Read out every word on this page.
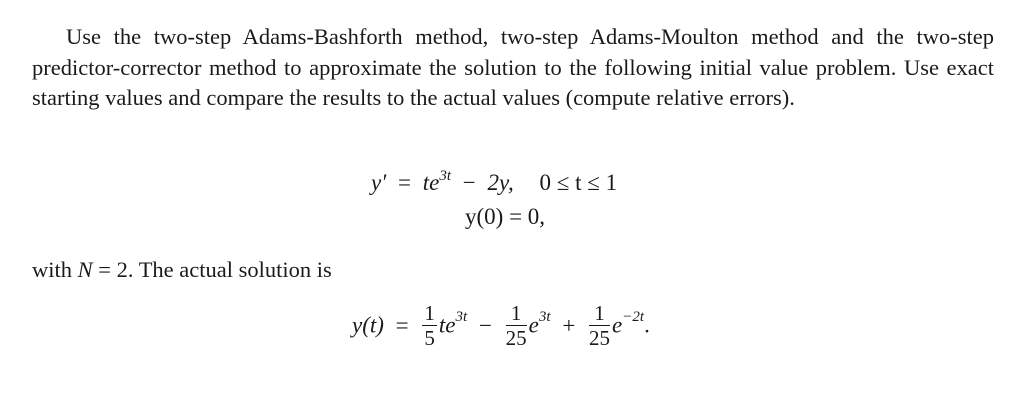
Use the two-step Adams-Bashforth method, two-step Adams-Moulton method and the two-step predictor-corrector method to approximate the solution to the following initial value problem. Use exact starting values and compare the results to the actual values (compute relative errors).

$y' = te^{3t} - 2y$, 0 ≤ t ≤ 1
y(0) = 0,
with N = 2. The actual solution is
$y(t) = \frac{1}{5} te^{3t} - \frac{1}{25} e^{3t} + \frac{1}{25} e^{-2t}$.
